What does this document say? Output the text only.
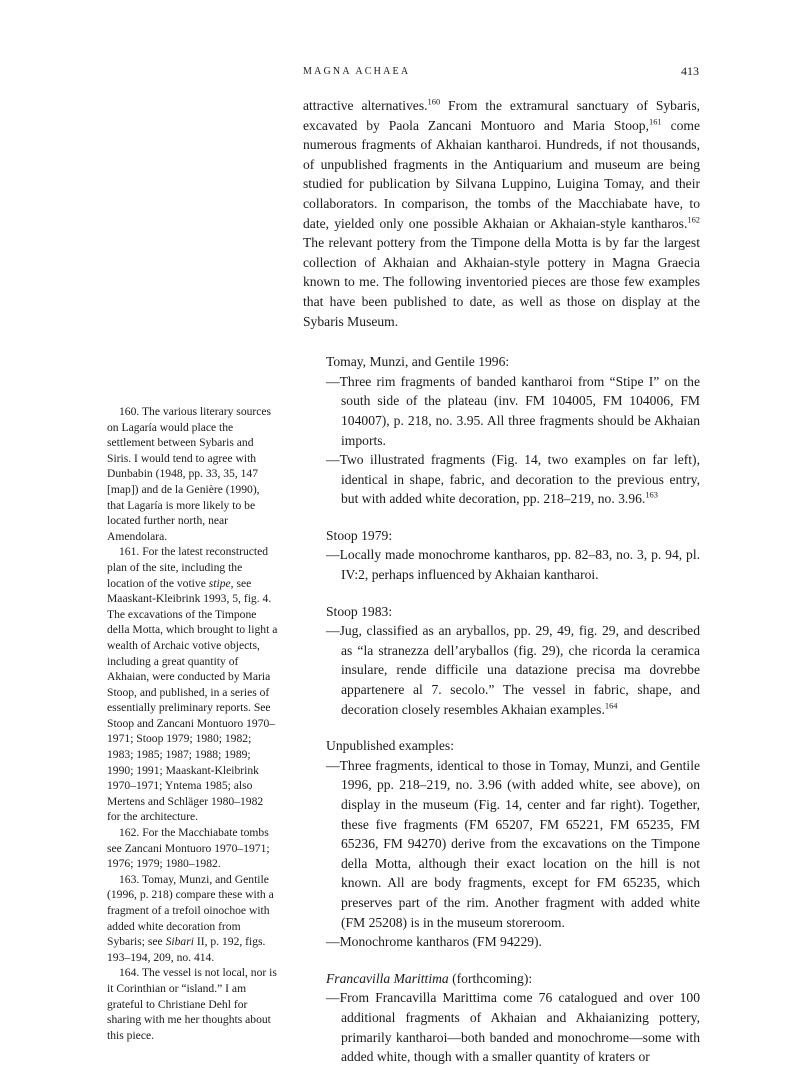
MAGNA ACHAEA	413

attractive alternatives.$^{160}$ From the extramural sanctuary of Sybaris, excavated by Paola Zancani Montuoro and Maria Stoop,$^{161}$ come numerous fragments of Akhaian kantharoi. Hundreds, if not thousands, of unpublished fragments in the Antiquarium and museum are being studied for publication by Silvana Luppino, Luigina Tomay, and their collaborators. In comparison, the tombs of the Macchiabate have, to date, yielded only one possible Akhaian or Akhaian-style kantharos.$^{162}$ The relevant pottery from the Timpone della Motta is by far the largest collection of Akhaian and Akhaian-style pottery in Magna Graecia known to me. The following inventoried pieces are those few examples that have been published to date, as well as those on display at the Sybaris Museum.

Tomay, Munzi, and Gentile 1996:

—Three rim fragments of banded kantharoi from “Stipe I” on the south side of the plateau (inv. FM 104005, FM 104006, FM 104007), p. 218, no. 3.95. All three fragments should be Akhaian imports.

—Two illustrated fragments (Fig. 14, two examples on far left), identical in shape, fabric, and decoration to the previous entry, but with added white decoration, pp. 218–219, no. 3.96.$^{163}$

Stoop 1979:

—Locally made monochrome kantharos, pp. 82–83, no. 3, p. 94, pl. IV:2, perhaps influenced by Akhaian kantharoi.

Stoop 1983:

—Jug, classified as an aryballos, pp. 29, 49, fig. 29, and described as “la stranezza dell’aryballos (fig. 29), che ricorda la ceramica insulare, rende difficile una datazione precisa ma dovrebbe appartenere al 7. secolo.” The vessel in fabric, shape, and decoration closely resembles Akhaian examples.$^{164}$

Unpublished examples:

—Three fragments, identical to those in Tomay, Munzi, and Gentile 1996, pp. 218–219, no. 3.96 (with added white, see above), on display in the museum (Fig. 14, center and far right). Together, these five fragments (FM 65207, FM 65221, FM 65235, FM 65236, FM 94270) derive from the excavations on the Timpone della Motta, although their exact location on the hill is not known. All are body fragments, except for FM 65235, which preserves part of the rim. Another fragment with added white (FM 25208) is in the museum storeroom.

—Monochrome kantharos (FM 94229).

Francavilla Marittima (forthcoming):

—From Francavilla Marittima come 76 catalogued and over 100 additional fragments of Akhaian and Akhaianizing pottery, primarily kantharoi—both banded and monochrome—some with added white, though with a smaller quantity of kraters or

160. The various literary sources on Lagaría would place the settlement between Sybaris and Siris. I would tend to agree with Dunbabin (1948, pp. 33, 35, 147 [map]) and de la Genière (1990), that Lagaría is more likely to be located further north, near Amendolara.

161. For the latest reconstructed plan of the site, including the location of the votive stipe, see Maaskant-Kleibrink 1993, 5, fig. 4. The excavations of the Timpone della Motta, which brought to light a wealth of Archaic votive objects, including a great quantity of Akhaian, were conducted by Maria Stoop, and published, in a series of essentially preliminary reports. See Stoop and Zancani Montuoro 1970–1971; Stoop 1979; 1980; 1982; 1983; 1985; 1987; 1988; 1989; 1990; 1991; Maaskant-Kleibrink 1970–1971; Yntema 1985; also Mertens and Schläger 1980–1982 for the architecture.

162. For the Macchiabate tombs see Zancani Montuoro 1970–1971; 1976; 1979; 1980–1982.

163. Tomay, Munzi, and Gentile (1996, p. 218) compare these with a fragment of a trefoil oinochoe with added white decoration from Sybaris; see Sibari II, p. 192, figs. 193–194, 209, no. 414.

164. The vessel is not local, nor is it Corinthian or “island.” I am grateful to Christiane Dehl for sharing with me her thoughts about this piece.
